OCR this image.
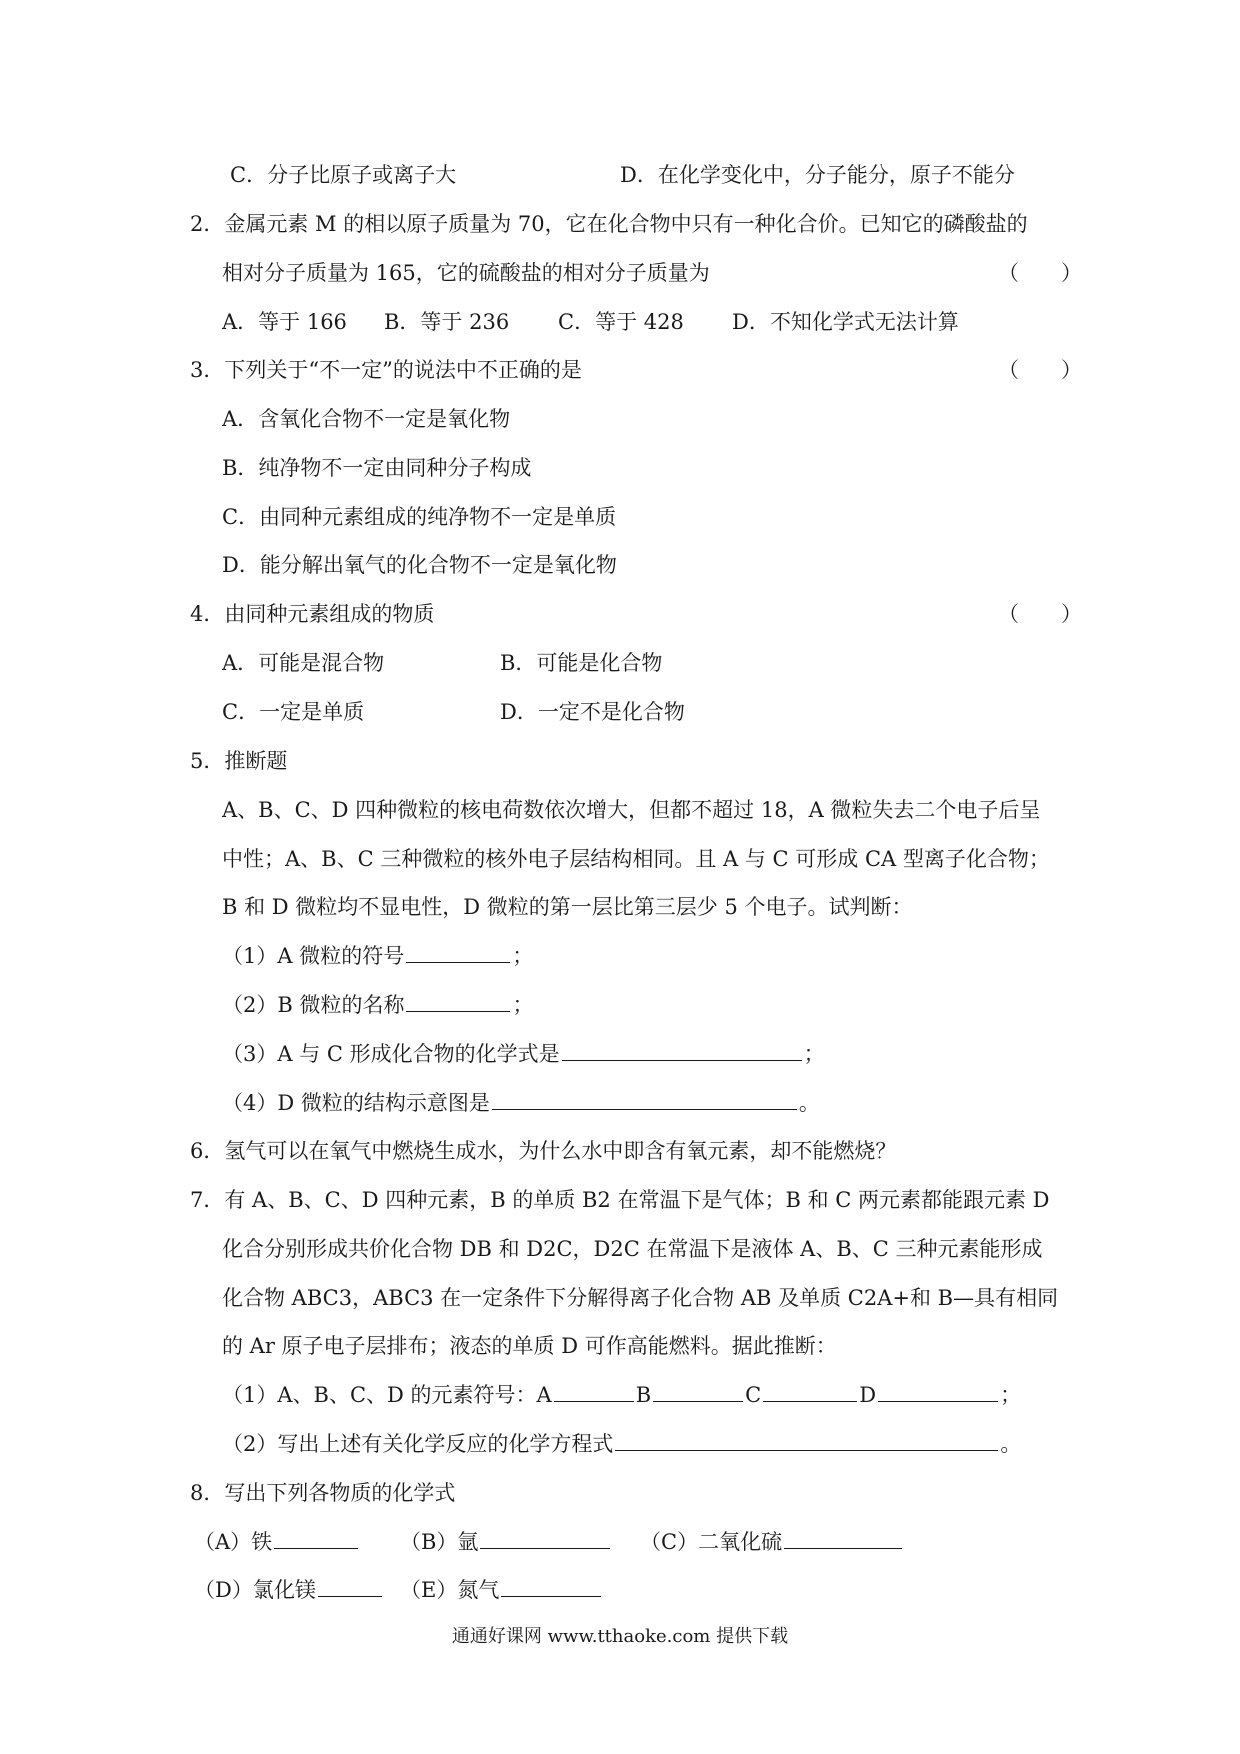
C．分子比原子或离子大	D．在化学变化中，分子能分，原子不能分
2．金属元素 M 的相以原子质量为 70，它在化合物中只有一种化合价。已知它的磷酸盐的
相对分子质量为 165，它的硫酸盐的相对分子质量为	（　　）
A．等于 166 B．等于 236 C．等于 428 D．不知化学式无法计算
3．下列关于“不一定”的说法中不正确的是	（　　）
A．含氧化合物不一定是氧化物
B．纯净物不一定由同种分子构成
C．由同种元素组成的纯净物不一定是单质
D．能分解出氧气的化合物不一定是氧化物
4．由同种元素组成的物质	（　　）
A．可能是混合物	B．可能是化合物
C．一定是单质	D．一定不是化合物
5．推断题
A、B、C、D 四种微粒的核电荷数依次增大，但都不超过 18，A 微粒失去二个电子后呈
中性；A、B、C 三种微粒的核外电子层结构相同。且 A 与 C 可形成 CA 型离子化合物；
B 和 D 微粒均不显电性，D 微粒的第一层比第三层少 5 个电子。试判断：
（1）A 微粒的符号	；
（2）B 微粒的名称	；
（3）A 与 C 形成化合物的化学式是	；
（4）D 微粒的结构示意图是	。
6．氢气可以在氧气中燃烧生成水，为什么水中即含有氧元素，却不能燃烧？
7．有 A、B、C、D 四种元素，B 的单质 B2 在常温下是气体；B 和 C 两元素都能跟元素 D
化合分别形成共价化合物 DB 和 D2C，D2C 在常温下是液体 A、B、C 三种元素能形成
化合物 ABC3，ABC3 在一定条件下分解得离子化合物 AB 及单质 C2A+和 B—具有相同
的 Ar 原子电子层排布；液态的单质 D 可作高能燃料。据此推断：
（1）A、B、C、D 的元素符号：A	B	C	D	；
（2）写出上述有关化学反应的化学方程式	。
8．写出下列各物质的化学式
（A）铁	（B）氩	（C）二氧化硫
（D）氯化镁	（E）氮气
通通好课网 www.tthaoke.com 提供下载
